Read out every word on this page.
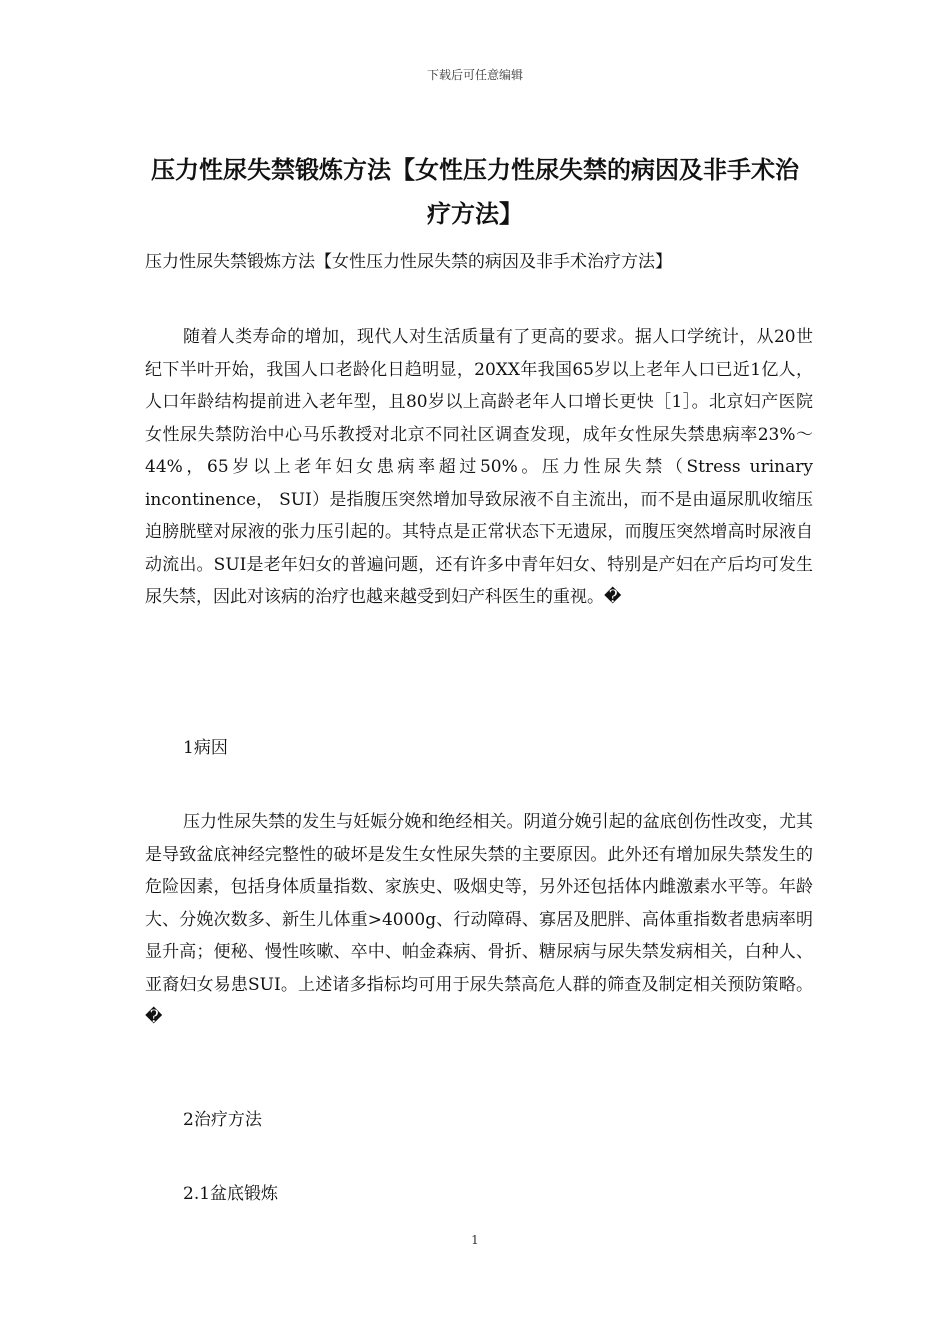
下载后可任意编辑
压力性尿失禁锻炼方法【女性压力性尿失禁的病因及非手术治疗方法】
压力性尿失禁锻炼方法【女性压力性尿失禁的病因及非手术治疗方法】

随着人类寿命的增加，现代人对生活质量有了更高的要求。据人口学统计，从20世纪下半叶开始，我国人口老龄化日趋明显，20XX年我国65岁以上老年人口已近1亿人，人口年龄结构提前进入老年型，且80岁以上高龄老年人口增长更快［1］。北京妇产医院女性尿失禁防治中心马乐教授对北京不同社区调查发现，成年女性尿失禁患病率23%～44%，65岁以上老年妇女患病率超过50%。压力性尿失禁（Stress urinary incontinence， SUI）是指腹压突然增加导致尿液不自主流出，而不是由逼尿肌收缩压迫膀胱壁对尿液的张力压引起的。其特点是正常状态下无遗尿，而腹压突然增高时尿液自动流出。SUI是老年妇女的普遍问题，还有许多中青年妇女、特别是产妇在产后均可发生尿失禁，因此对该病的治疗也越来越受到妇产科医生的重视。�

1病因

压力性尿失禁的发生与妊娠分娩和绝经相关。阴道分娩引起的盆底创伤性改变，尤其是导致盆底神经完整性的破坏是发生女性尿失禁的主要原因。此外还有增加尿失禁发生的危险因素，包括身体质量指数、家族史、吸烟史等，另外还包括体内雌激素水平等。年龄大、分娩次数多、新生儿体重>4000g、行动障碍、寡居及肥胖、高体重指数者患病率明显升高；便秘、慢性咳嗽、卒中、帕金森病、骨折、糖尿病与尿失禁发病相关，白种人、亚裔妇女易患SUI。上述诸多指标均可用于尿失禁高危人群的筛查及制定相关预防策略。�

2治疗方法
2.1盆底锻炼
1
